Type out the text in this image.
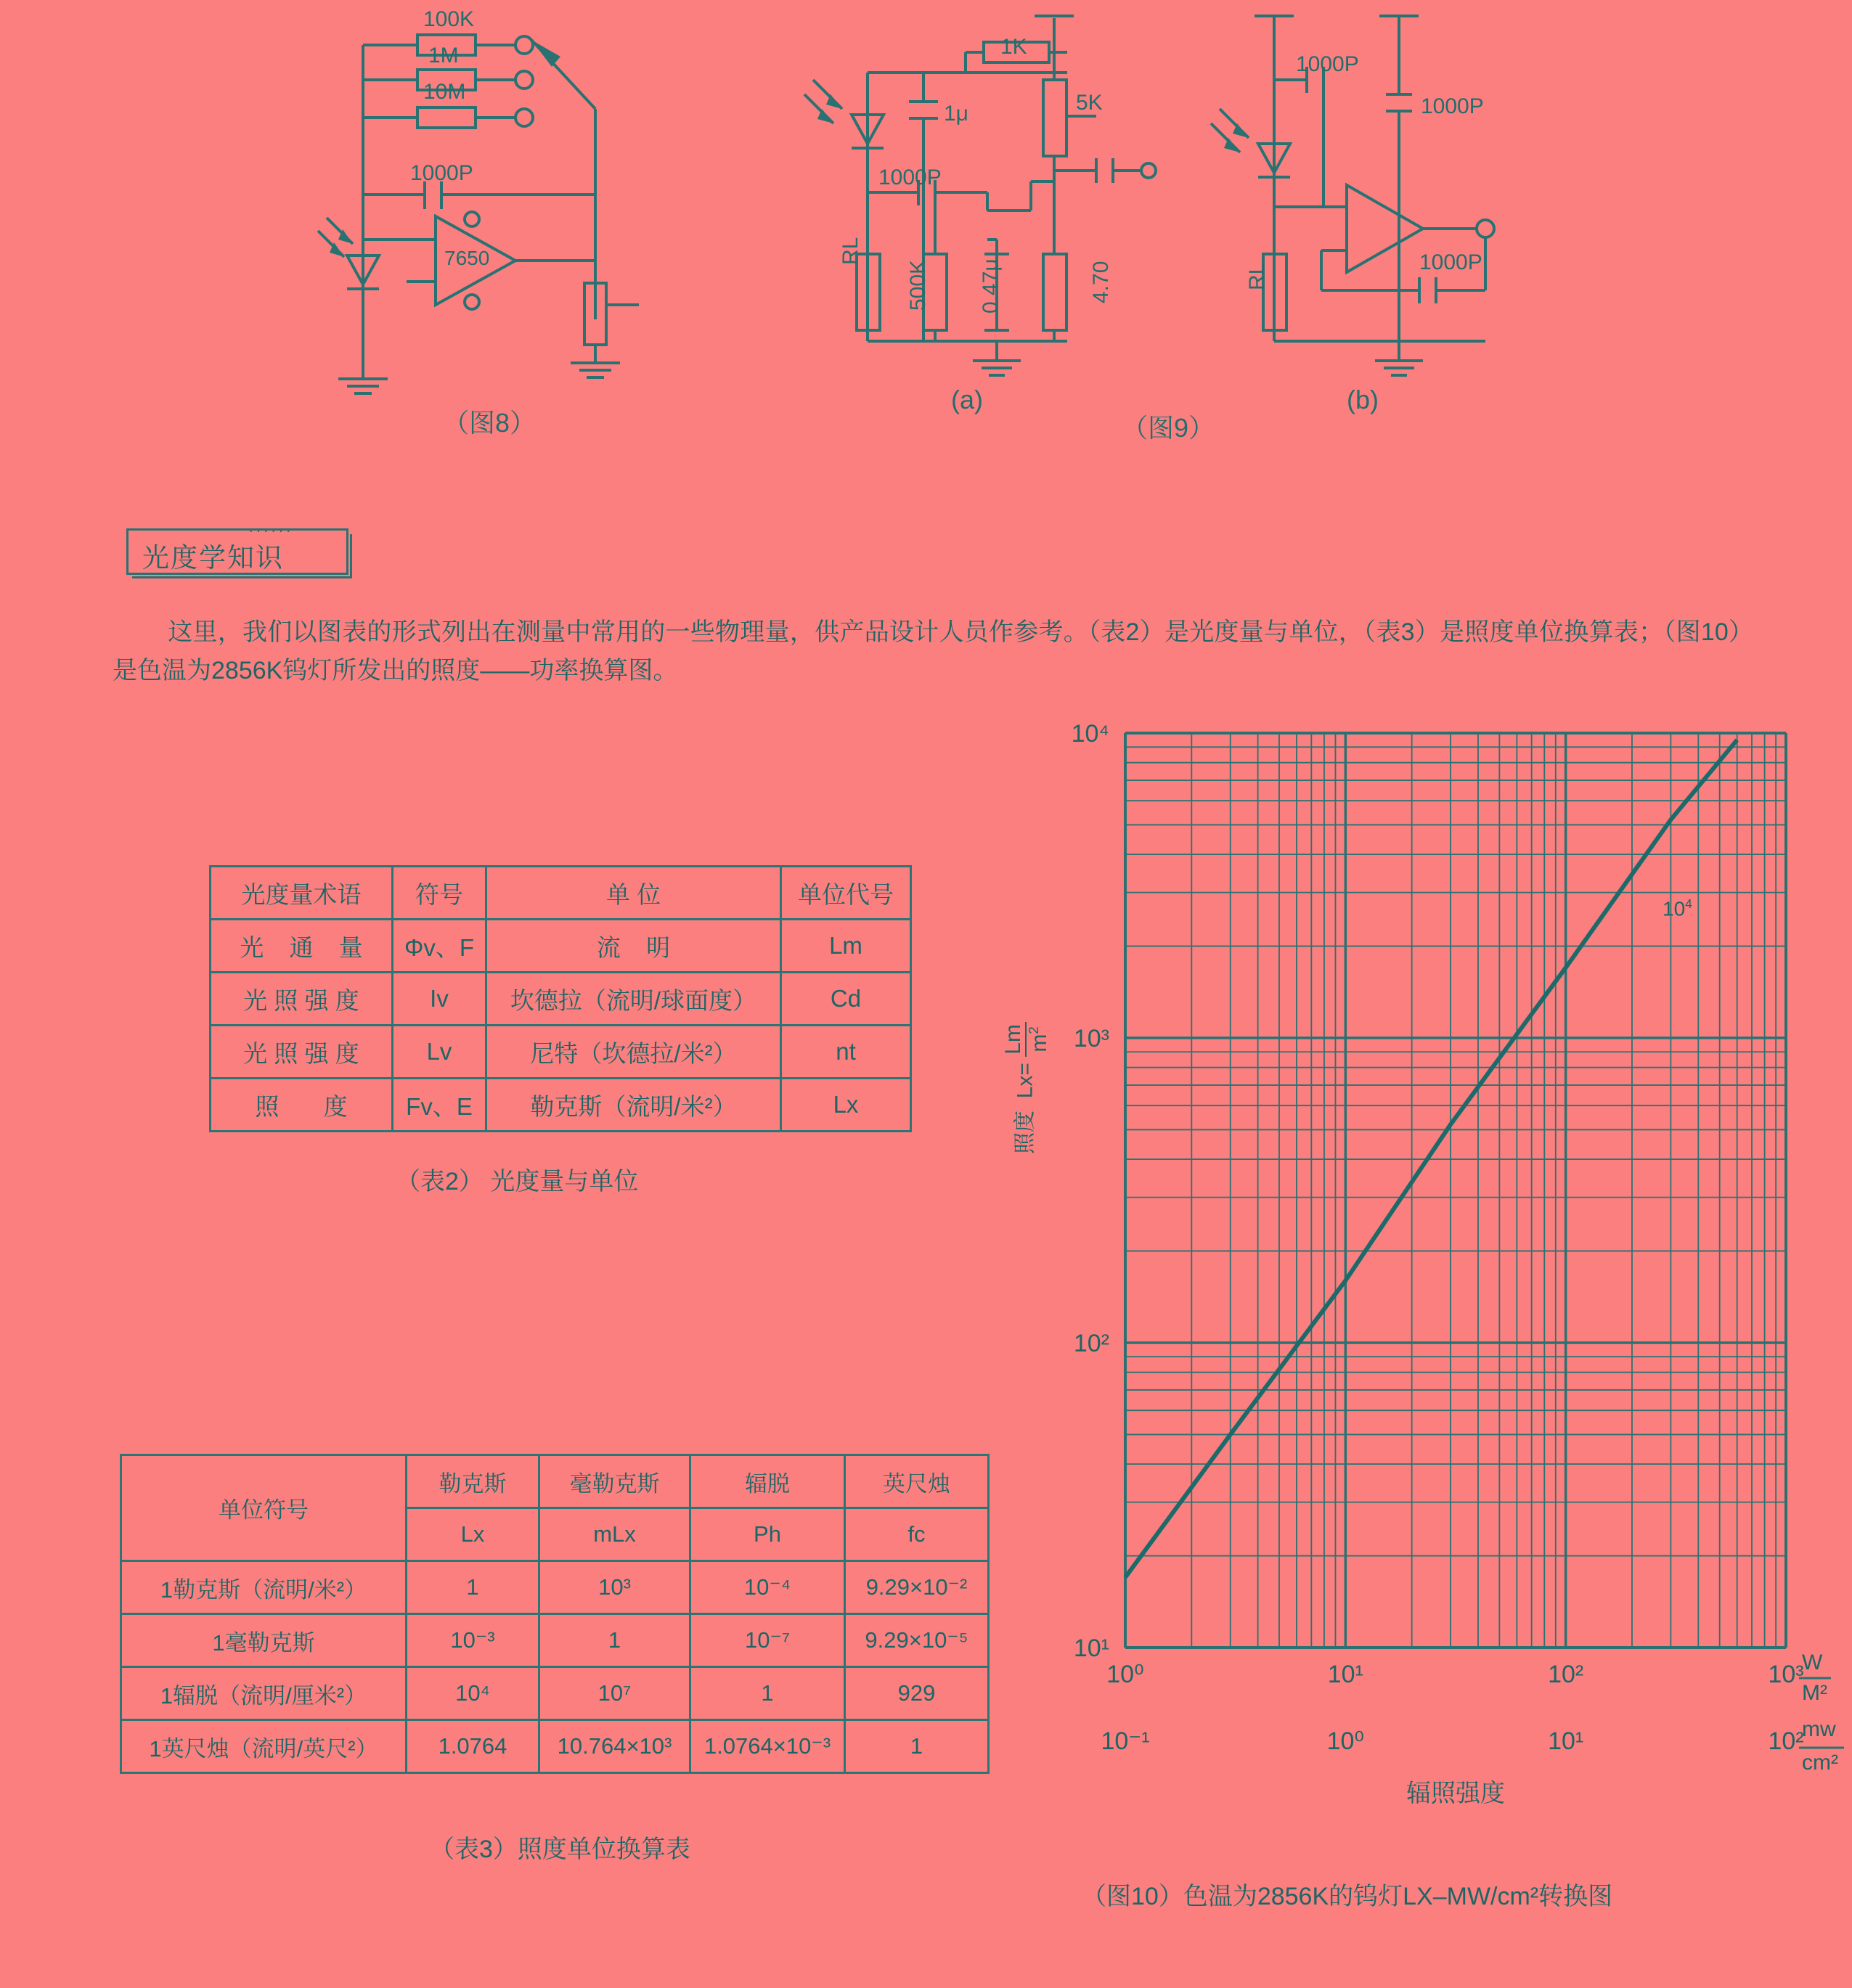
100K
1M
10M
1000P
7650
（图8）
1K
5K
1μ
1000P
RL
500K 0.47μ	4.70
(a)
（图9）
1000P
1000P
1000P
RL
(b)
······
光度学知识
这里，我们以图表的形式列出在测量中常用的一些物理量，供产品设计人员作参考。（表2）是光度量与单位，（表3）是照度单位换算表；（图10）是色温为2856K钨灯所发出的照度——功率换算图。
光度量术语	符号	单 位	单位代号
光 通 量	Φv、F	流 明	Lm
光 照 强 度	Iv	坎德拉（流明/球面度）	Cd
光 照 强 度	Lv	尼特（坎德拉/米²）	nt
照 度	Fv、E	勒克斯（流明/米²）	Lx
（表2） 光度量与单位
单位符号	勒克斯	毫勒克斯	辐脱	英尺烛
	Lx	mLx	Ph	fc
1勒克斯（流明/米²）	1	10³	10⁻⁴	9.29×10⁻²
1毫勒克斯	10⁻³	1	10⁻⁷	9.29×10⁻⁵
1辐脱（流明/厘米²）	10⁴	10⁷	1	929
1英尺烛（流明/英尺²）	1.0764	10.764×10³	1.0764×10⁻³	1
（表3）照度单位换算表
10¹
10²
10³
10⁴
10⁰	10¹	10²	10³
10⁻¹	10⁰	10¹	10²
辐照强度
W
M²
mw
cm²
照度  Lx=
Lm $m^2$
$10^4$
（图10）色温为2856K的钨灯LX–MW/cm²转换图
